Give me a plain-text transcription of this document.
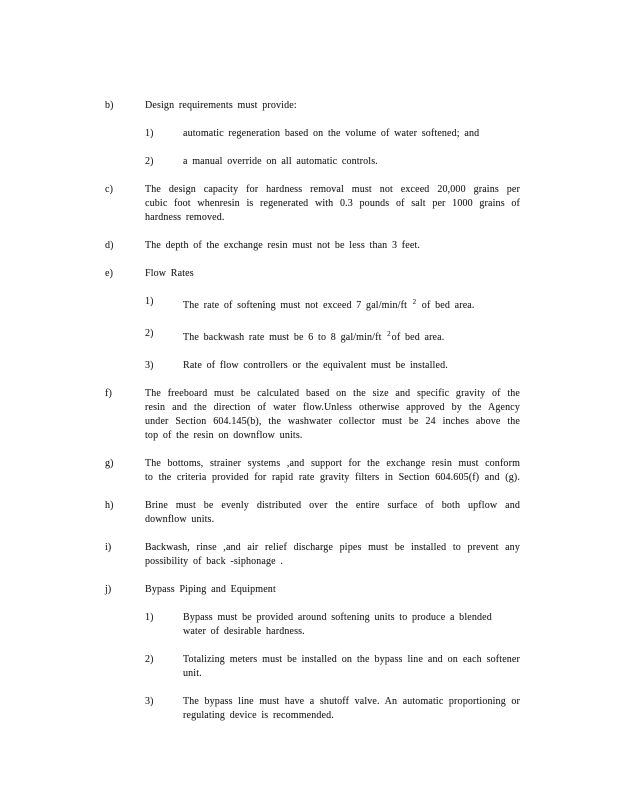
b)	Design requirements must provide:
1)	automatic regeneration based on the volume of water softened; and
2)	a manual override on all automatic controls.
c)	The design capacity for hardness removal must not exceed 20,000 grains per
cubic foot whenresin is regenerated with 0.3 pounds of salt per 1000 grains of
hardness removed.
d)	The depth of the exchange resin must not be less than 3 feet.
e)	Flow Rates
1)	The rate of softening must not exceed 7 gal/min/ft $^2$ of bed area.
2)	The backwash rate must be 6 to 8 gal/min/ft $^2$of bed area.
3)	Rate of flow controllers or the equivalent must be installed.
f)	The freeboard must be calculated based on the size and specific gravity of the
resin and the direction of water flow.Unless otherwise approved by the Agency
under Section 604.145(b), the washwater collector must be 24 inches above the
top of the resin on downflow units.
g)	The bottoms, strainer systems ,and support for the exchange resin must conform
to the criteria provided for rapid rate gravity filters in Section 604.605(f) and (g).
h)	Brine must be evenly distributed over the entire surface of both upflow and
downflow units.
i)	Backwash, rinse ,and air relief discharge pipes must be installed to prevent any
possibility of back -siphonage .
j)	Bypass Piping and Equipment
1)	Bypass must be provided around softening units to produce a blended
water of desirable hardness.
2)	Totalizing meters must be installed on the bypass line and on each softener
unit.
3)	The bypass line must have a shutoff valve. An automatic proportioning or
regulating device is recommended.
